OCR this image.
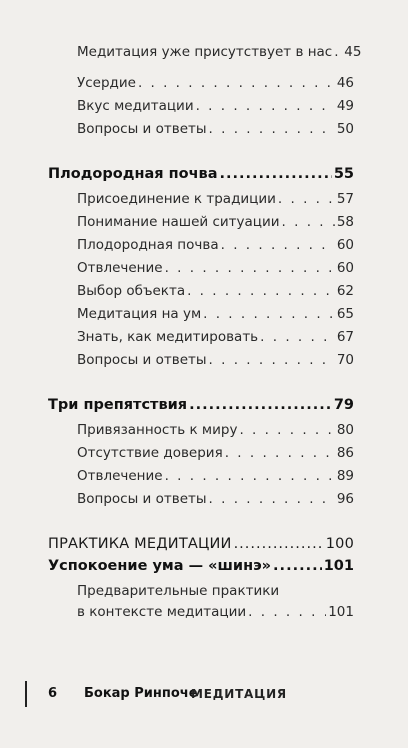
Медитация уже присутствует в нас . . . 45
Усердие . . .	46
Вкус медитации . . .	49
Вопросы и ответы . . .	50
Плодородная почва .....	55
Присоединение к традиции . . .	57
Понимание нашей ситуации . . .	58
Плодородная почва . . .	60
Отвлечение . . .	60
Выбор объекта . . .	62
Медитация на ум . . .	65
Знать, как медитировать . . .	67
Вопросы и ответы . . .	70
Три препятствия .....	79
Привязанность к миру . . .	80
Отсутствие доверия . . .	86
Отвлечение . . .	89
Вопросы и ответы . . .	96
ПРАКТИКА МЕДИТАЦИИ .....	100
Успокоение ума — «шинэ» .....	101
Предварительные практики
в контексте медитации . . .	101
6 Бокар Ринпоче
МЕДИТАЦИЯ
